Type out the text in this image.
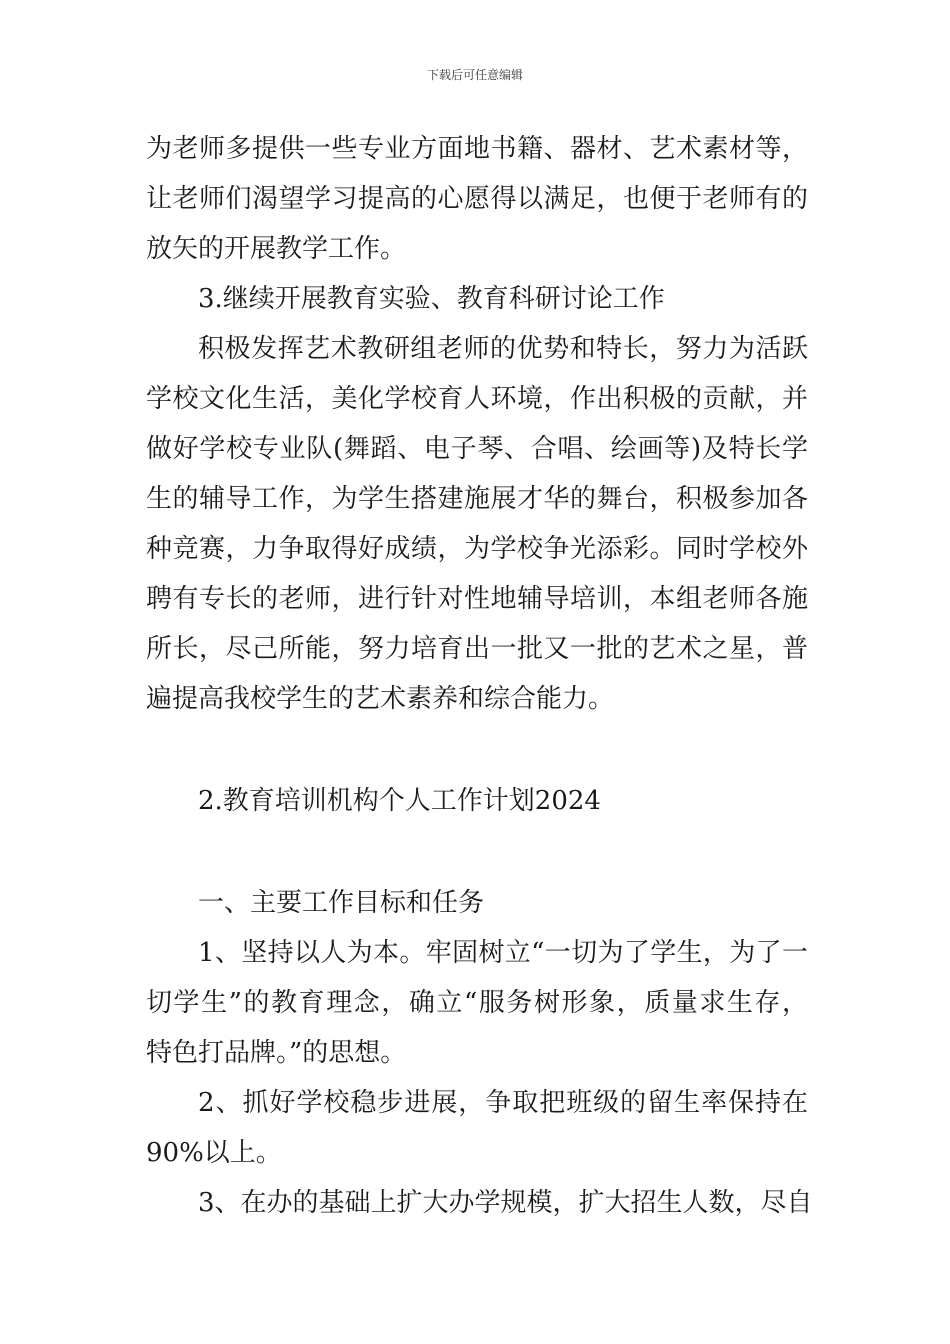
下载后可任意编辑
为老师多提供一些专业方面地书籍、器材、艺术素材等，
让老师们渴望学习提高的心愿得以满足，也便于老师有的
放矢的开展教学工作。
3.继续开展教育实验、教育科研讨论工作
积极发挥艺术教研组老师的优势和特长，努力为活跃
学校文化生活，美化学校育人环境，作出积极的贡献，并
做好学校专业队(舞蹈、电子琴、合唱、绘画等)及特长学
生的辅导工作，为学生搭建施展才华的舞台，积极参加各
种竞赛，力争取得好成绩，为学校争光添彩。同时学校外
聘有专长的老师，进行针对性地辅导培训，本组老师各施
所长，尽己所能，努力培育出一批又一批的艺术之星，普
遍提高我校学生的艺术素养和综合能力。
2.教育培训机构个人工作计划2024
一、主要工作目标和任务
1、坚持以人为本。牢固树立“一切为了学生，为了一
切学生”的教育理念，确立“服务树形象，质量求生存，
特色打品牌。”的思想。
2、抓好学校稳步进展，争取把班级的留生率保持在
90%以上。
3、在办的基础上扩大办学规模，扩大招生人数，尽自
